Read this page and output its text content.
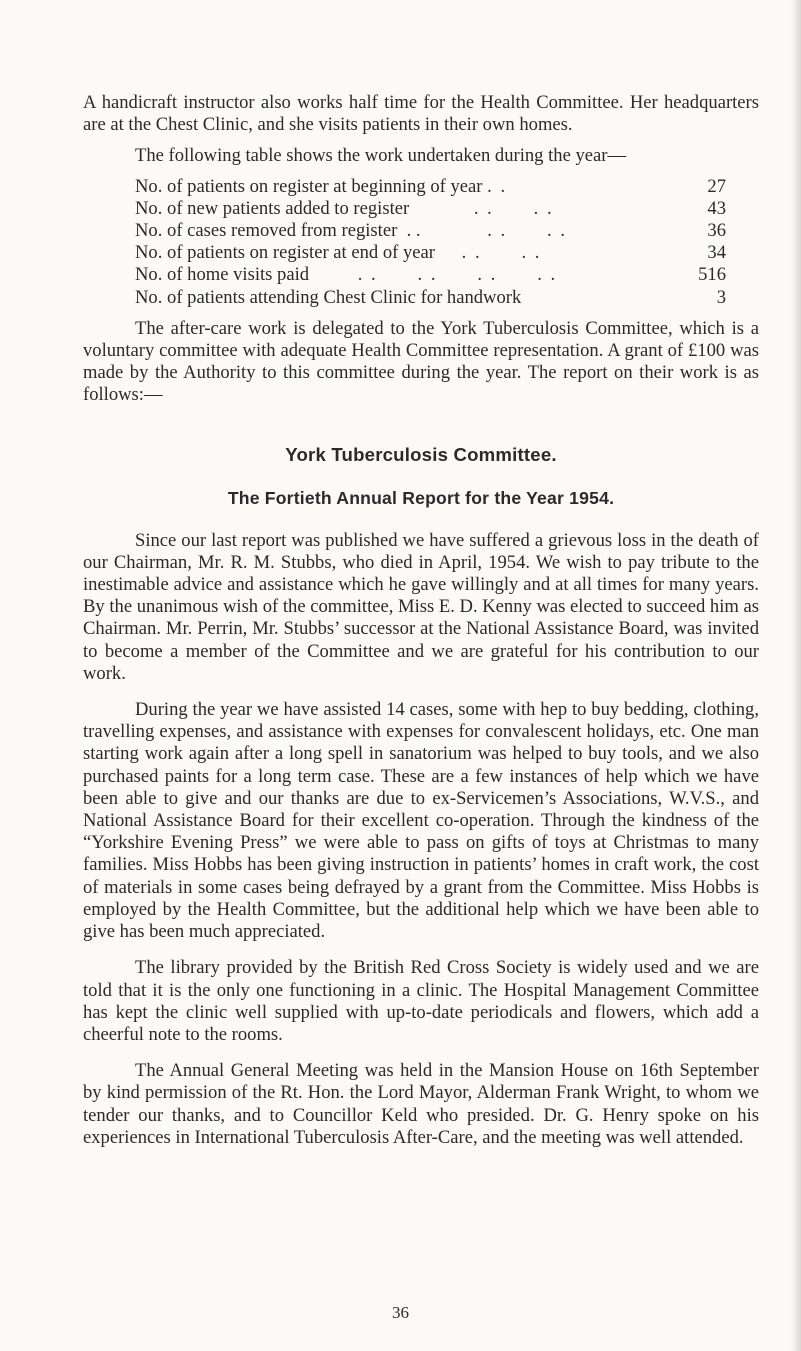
A handicraft instructor also works half time for the Health Committee. Her headquarters are at the Chest Clinic, and she visits patients in their own homes.

The following table shows the work undertaken during the year—

No. of patients on register at beginning of year . .	27
No. of new patients added to register . .      . .	43
No. of cases removed from register  . . . .      . .	36
No. of patients on register at end of year . .      . .	34
No. of home visits paid . .      . .      . .      . .	516
No. of patients attending Chest Clinic for handwork	3

The after-care work is delegated to the York Tuberculosis Committee, which is a voluntary committee with adequate Health Committee representation. A grant of £100 was made by the Authority to this committee during the year. The report on their work is as follows:—

York Tuberculosis Committee.
The Fortieth Annual Report for the Year 1954.

Since our last report was published we have suffered a grievous loss in the death of our Chairman, Mr. R. M. Stubbs, who died in April, 1954. We wish to pay tribute to the inestimable advice and assistance which he gave willingly and at all times for many years. By the unanimous wish of the committee, Miss E. D. Kenny was elected to succeed him as Chairman. Mr. Perrin, Mr. Stubbs’ successor at the National Assistance Board, was invited to become a member of the Committee and we are grateful for his contribution to our work.

During the year we have assisted 14 cases, some with hep to buy bedding, clothing, travelling expenses, and assistance with expenses for convalescent holidays, etc. One man starting work again after a long spell in sanatorium was helped to buy tools, and we also purchased paints for a long term case. These are a few instances of help which we have been able to give and our thanks are due to ex-Servicemen’s Associations, W.V.S., and National Assistance Board for their excellent co-operation. Through the kindness of the “Yorkshire Evening Press” we were able to pass on gifts of toys at Christmas to many families. Miss Hobbs has been giving instruction in patients’ homes in craft work, the cost of materials in some cases being defrayed by a grant from the Committee. Miss Hobbs is employed by the Health Committee, but the additional help which we have been able to give has been much appreciated.

The library provided by the British Red Cross Society is widely used and we are told that it is the only one functioning in a clinic. The Hospital Management Committee has kept the clinic well supplied with up-to-date periodicals and flowers, which add a cheerful note to the rooms.

The Annual General Meeting was held in the Mansion House on 16th September by kind permission of the Rt. Hon. the Lord Mayor, Alderman Frank Wright, to whom we tender our thanks, and to Councillor Keld who presided. Dr. G. Henry spoke on his experiences in International Tuberculosis After-Care, and the meeting was well attended.

36
